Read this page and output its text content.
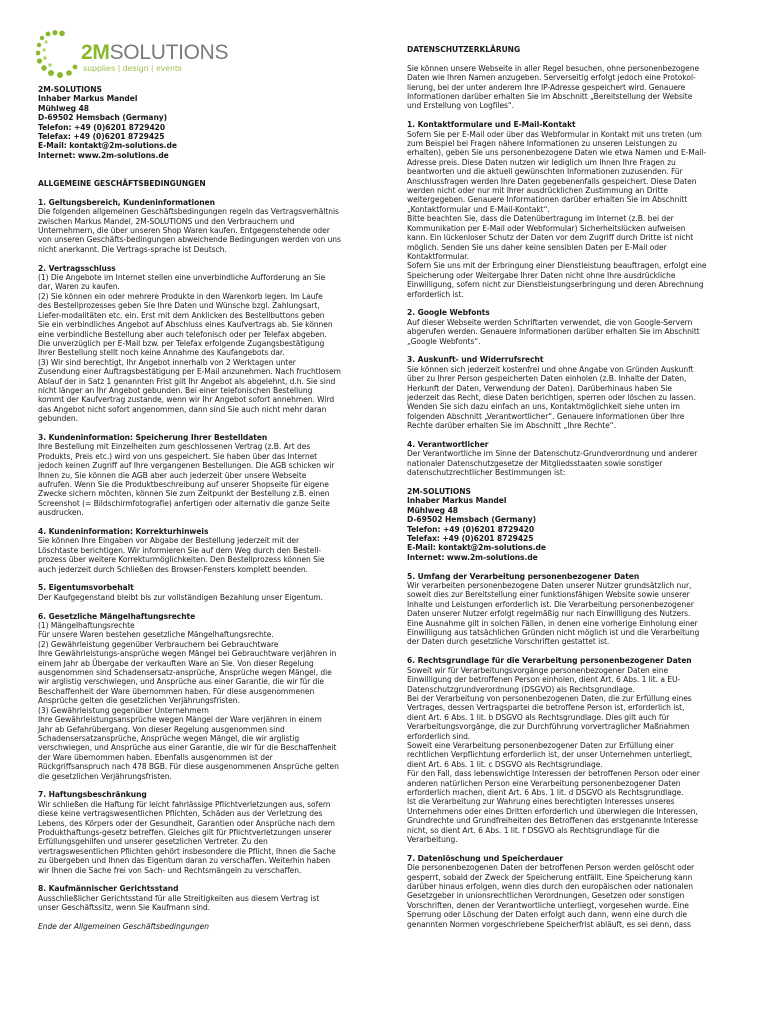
2MSOLUTIONS
supplies | design | events
2M-SOLUTIONS
Inhaber Markus Mandel
Mühlweg 48
D-69502 Hemsbach (Germany)
Telefon: +49 (0)6201 8729420
Telefax: +49 (0)6201 8729425
E-Mail: kontakt@2m-solutions.de
Internet: www.2m-solutions.de
ALLGEMEINE GESCHÄFTSBEDINGUNGEN
1. Geltungsbereich, Kundeninformationen
Die folgenden allgemeinen Geschäftsbedingungen regeln das Vertragsverhältnis
zwischen Markus Mandel, 2M-SOLUTIONS und den Verbrauchern und
Unternehmern, die über unseren Shop Waren kaufen. Entgegenstehende oder
von unseren Geschäfts-bedingungen abweichende Bedingungen werden von uns
nicht anerkannt. Die Vertrags-sprache ist Deutsch.
2. Vertragsschluss
(1) Die Angebote im Internet stellen eine unverbindliche Aufforderung an Sie
dar, Waren zu kaufen.
(2) Sie können ein oder mehrere Produkte in den Warenkorb legen. Im Laufe
des Bestellprozesses geben Sie Ihre Daten und Wünsche bzgl. Zahlungsart,
Liefer-modalitäten etc. ein. Erst mit dem Anklicken des Bestellbuttons geben
Sie ein verbindliches Angebot auf Abschluss eines Kaufvertrags ab. Sie können
eine verbindliche Bestellung aber auch telefonisch oder per Telefax abgeben.
Die unverzüglich per E-Mail bzw. per Telefax erfolgende Zugangsbestätigung
Ihrer Bestellung stellt noch keine Annahme des Kaufangebots dar.
(3) Wir sind berechtigt, Ihr Angebot innerhalb von 2 Werktagen unter
Zusendung einer Auftragsbestätigung per E-Mail anzunehmen. Nach fruchtlosem
Ablauf der in Satz 1 genannten Frist gilt Ihr Angebot als abgelehnt, d.h. Sie sind
nicht länger an Ihr Angebot gebunden. Bei einer telefonischen Bestellung
kommt der Kaufvertrag zustande, wenn wir Ihr Angebot sofort annehmen. Wird
das Angebot nicht sofort angenommen, dann sind Sie auch nicht mehr daran
gebunden.
3. Kundeninformation: Speicherung Ihrer Bestelldaten
Ihre Bestellung mit Einzelheiten zum geschlossenen Vertrag (z.B. Art des
Produkts, Preis etc.) wird von uns gespeichert. Sie haben über das Internet
jedoch keinen Zugriff auf Ihre vergangenen Bestellungen. Die AGB schicken wir
Ihnen zu, Sie können die AGB aber auch jederzeit über unsere Webseite
aufrufen. Wenn Sie die Produktbeschreibung auf unserer Shopseite für eigene
Zwecke sichern möchten, können Sie zum Zeitpunkt der Bestellung z.B. einen
Screenshot (= Bildschirmfotografie) anfertigen oder alternativ die ganze Seite
ausdrucken.
4. Kundeninformation: Korrekturhinweis
Sie können Ihre Eingaben vor Abgabe der Bestellung jederzeit mit der
Löschtaste berichtigen. Wir informieren Sie auf dem Weg durch den Bestell-
prozess über weitere Korrekturmöglichkeiten. Den Bestellprozess können Sie
auch jederzeit durch Schließen des Browser-Fensters komplett beenden.
5. Eigentumsvorbehalt
Der Kaufgegenstand bleibt bis zur vollständigen Bezahlung unser Eigentum.
6. Gesetzliche Mängelhaftungsrechte
(1) Mängelhaftungsrechte
Für unsere Waren bestehen gesetzliche Mängelhaftungsrechte.
(2) Gewährleistung gegenüber Verbrauchern bei Gebrauchtware
Ihre Gewährleistungs-ansprüche wegen Mängel bei Gebrauchtware verjähren in
einem Jahr ab Übergabe der verkauften Ware an Sie. Von dieser Regelung
ausgenommen sind Schadensersatz-ansprüche, Ansprüche wegen Mängel, die
wir arglistig verschwiegen, und Ansprüche aus einer Garantie, die wir für die
Beschaffenheit der Ware übernommen haben. Für diese ausgenommenen
Ansprüche gelten die gesetzlichen Verjährungsfristen.
(3) Gewährleistung gegenüber Unternehmern
Ihre Gewährleistungsansprüche wegen Mängel der Ware verjähren in einem
Jahr ab Gefahrübergang. Von dieser Regelung ausgenommen sind
Schadensersatzansprüche, Ansprüche wegen Mängel, die wir arglistig
verschwiegen, und Ansprüche aus einer Garantie, die wir für die Beschaffenheit
der Ware übernommen haben. Ebenfalls ausgenommen ist der
Rückgriffsanspruch nach 478 BGB. Für diese ausgenommenen Ansprüche gelten
die gesetzlichen Verjährungsfristen.
7. Haftungsbeschränkung
Wir schließen die Haftung für leicht fahrlässige Pflichtverletzungen aus, sofern
diese keine vertragswesentlichen Pflichten, Schäden aus der Verletzung des
Lebens, des Körpers oder der Gesundheit, Garantien oder Ansprüche nach dem
Produkthaftungs-gesetz betreffen. Gleiches gilt für Pflichtverletzungen unserer
Erfüllungsgehilfen und unserer gesetzlichen Vertreter. Zu den
vertragswesentlichen Pflichten gehört insbesondere die Pflicht, Ihnen die Sache
zu übergeben und Ihnen das Eigentum daran zu verschaffen. Weiterhin haben
wir Ihnen die Sache frei von Sach- und Rechtsmängeln zu verschaffen.
8. Kaufmännischer Gerichtsstand
Ausschließlicher Gerichtsstand für alle Streitigkeiten aus diesem Vertrag ist
unser Geschäftssitz, wenn Sie Kaufmann sind.
Ende der Allgemeinen Geschäftsbedingungen
DATENSCHUTZERKLÄRUNG
Sie können unsere Webseite in aller Regel besuchen, ohne personenbezogene
Daten wie Ihren Namen anzugeben. Serverseitig erfolgt jedoch eine Protokol-
lierung, bei der unter anderem Ihre IP-Adresse gespeichert wird. Genauere
Informationen darüber erhalten Sie im Abschnitt „Bereitstellung der Website
und Erstellung von Logfiles“.
1. Kontaktformulare und E-Mail-Kontakt
Sofern Sie per E-Mail oder über das Webformular in Kontakt mit uns treten (um
zum Beispiel bei Fragen nähere Informationen zu unseren Leistungen zu
erhalten), geben Sie uns personenbezogene Daten wie etwa Namen und E-Mail-
Adresse preis. Diese Daten nutzen wir lediglich um Ihnen Ihre Fragen zu
beantworten und die aktuell gewünschten Informationen zuzusenden. Für
Anschlussfragen werden Ihre Daten gegebenenfalls gespeichert. Diese Daten
werden nicht oder nur mit Ihrer ausdrücklichen Zustimmung an Dritte
weitergegeben. Genauere Informationen darüber erhalten Sie im Abschnitt
„Kontaktformular und E-Mail-Kontakt“.
Bitte beachten Sie, dass die Datenübertragung im Internet (z.B. bei der
Kommunikation per E-Mail oder Webformular) Sicherheitslücken aufweisen
kann. Ein lückenloser Schutz der Daten vor dem Zugriff durch Dritte ist nicht
möglich. Senden Sie uns daher keine sensiblen Daten per E-Mail oder
Kontaktformular.
Sofern Sie uns mit der Erbringung einer Dienstleistung beauftragen, erfolgt eine
Speicherung oder Weitergabe Ihrer Daten nicht ohne Ihre ausdrückliche
Einwilligung, sofern nicht zur Dienstleistungserbringung und deren Abrechnung
erforderlich ist.
2. Google Webfonts
Auf dieser Webseite werden Schriftarten verwendet, die von Google-Servern
abgerufen werden. Genauere Informationen darüber erhalten Sie im Abschnitt
„Google Webfonts“.
3. Auskunft- und Widerrufsrecht
Sie können sich jederzeit kostenfrei und ohne Angabe von Gründen Auskunft
über zu Ihrer Person gespeicherten Daten einholen (z.B. Inhalte der Daten,
Herkunft der Daten, Verwendung der Daten). Darüberhinaus haben Sie
jederzeit das Recht, diese Daten berichtigen, sperren oder löschen zu lassen.
Wenden Sie sich dazu einfach an uns, Kontaktmöglichkeit siehe unten im
folgenden Abschnitt „Verantwortlicher“. Genauere Informationen über Ihre
Rechte darüber erhalten Sie im Abschnitt „Ihre Rechte“.
4. Verantwortlicher
Der Verantwortliche im Sinne der Datenschutz-Grundverordnung und anderer
nationaler Datenschutzgesetze der Mitgliedsstaaten sowie sonstiger
datenschutzrechtlicher Bestimmungen ist:
2M-SOLUTIONS
Inhaber Markus Mandel
Mühlweg 48
D-69502 Hemsbach (Germany)
Telefon: +49 (0)6201 8729420
Telefax: +49 (0)6201 8729425
E-Mail: kontakt@2m-solutions.de
Internet: www.2m-solutions.de
5. Umfang der Verarbeitung personenbezogener Daten
Wir verarbeiten personenbezogene Daten unserer Nutzer grundsätzlich nur,
soweit dies zur Bereitstellung einer funktionsfähigen Website sowie unserer
Inhalte und Leistungen erforderlich ist. Die Verarbeitung personenbezogener
Daten unserer Nutzer erfolgt regelmäßig nur nach Einwilligung des Nutzers.
Eine Ausnahme gilt in solchen Fällen, in denen eine vorherige Einholung einer
Einwilligung aus tatsächlichen Gründen nicht möglich ist und die Verarbeitung
der Daten durch gesetzliche Vorschriften gestattet ist.
6. Rechtsgrundlage für die Verarbeitung personenbezogener Daten
Soweit wir für Verarbeitungsvorgänge personenbezogener Daten eine
Einwilligung der betroffenen Person einholen, dient Art. 6 Abs. 1 lit. a EU-
Datenschutzgrundverordnung (DSGVO) als Rechtsgrundlage.
Bei der Verarbeitung von personenbezogenen Daten, die zur Erfüllung eines
Vertrages, dessen Vertragspartei die betroffene Person ist, erforderlich ist,
dient Art. 6 Abs. 1 lit. b DSGVO als Rechtsgrundlage. Dies gilt auch für
Verarbeitungsvorgänge, die zur Durchführung vorvertraglicher Maßnahmen
erforderlich sind.
Soweit eine Verarbeitung personenbezogener Daten zur Erfüllung einer
rechtlichen Verpflichtung erforderlich ist, der unser Unternehmen unterliegt,
dient Art. 6 Abs. 1 lit. c DSGVO als Rechtsgrundlage.
Für den Fall, dass lebenswichtige Interessen der betroffenen Person oder einer
anderen natürlichen Person eine Verarbeitung personenbezogener Daten
erforderlich machen, dient Art. 6 Abs. 1 lit. d DSGVO als Rechtsgrundlage.
Ist die Verarbeitung zur Wahrung eines berechtigten Interesses unseres
Unternehmens oder eines Dritten erforderlich und überwiegen die Interessen,
Grundrechte und Grundfreiheiten des Betroffenen das erstgenannte Interesse
nicht, so dient Art. 6 Abs. 1 lit. f DSGVO als Rechtsgrundlage für die
Verarbeitung.
7. Datenlöschung und Speicherdauer
Die personenbezogenen Daten der betroffenen Person werden gelöscht oder
gesperrt, sobald der Zweck der Speicherung entfällt. Eine Speicherung kann
darüber hinaus erfolgen, wenn dies durch den europäischen oder nationalen
Gesetzgeber in unionsrechtlichen Verordnungen, Gesetzen oder sonstigen
Vorschriften, denen der Verantwortliche unterliegt, vorgesehen wurde. Eine
Sperrung oder Löschung der Daten erfolgt auch dann, wenn eine durch die
genannten Normen vorgeschriebene Speicherfrist abläuft, es sei denn, dass
